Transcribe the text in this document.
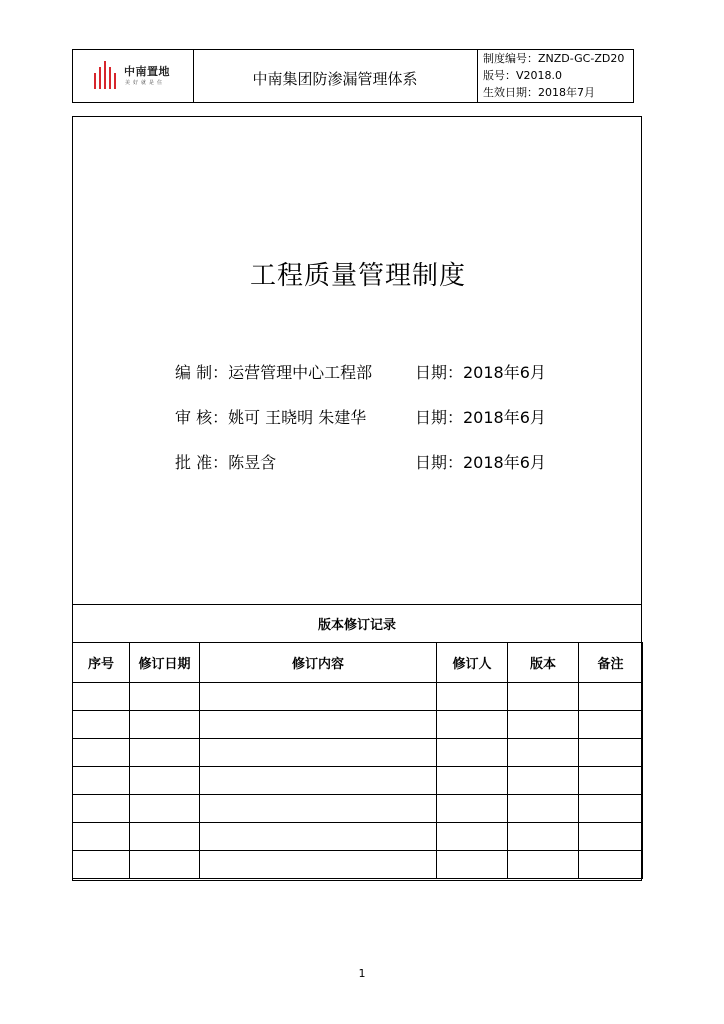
中南置地
美好就是住	中南集团防渗漏管理体系
制度编号：ZNZD-GC-ZD20
版号：V2018.0
生效日期：2018年7月
工程质量管理制度
编 制：运营管理中心工程部	日期：2018年6月
审 核：姚可 王晓明 朱建华	日期：2018年6月
批 准：陈昱含	日期：2018年6月
版本修订记录
序号	修订日期	修订内容	修订人	版本	备注

1
